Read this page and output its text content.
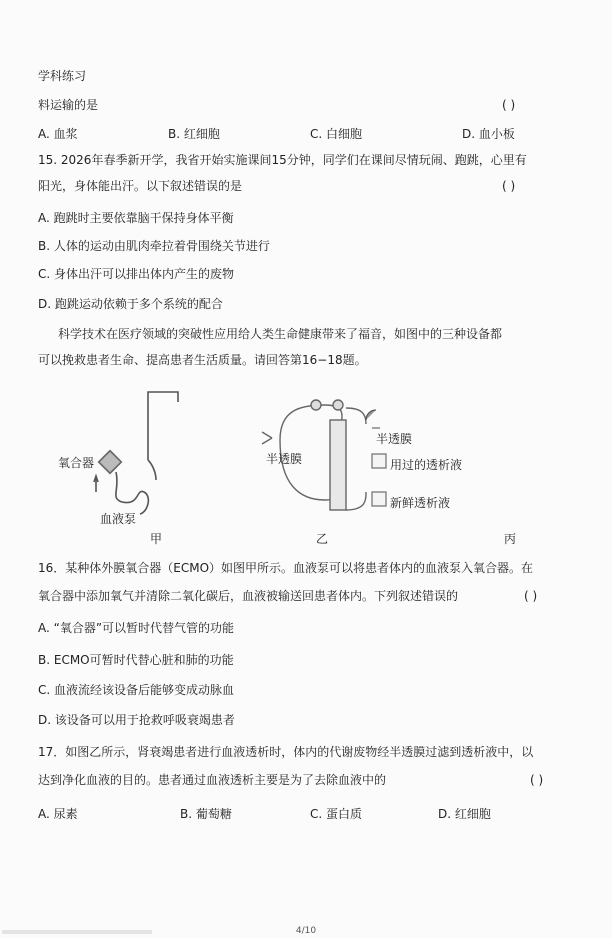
学科练习
料运输的是	( )
A. 血浆	B. 红细胞	C. 白细胞	D. 血小板
15. 2026年春季新开学，我省开始实施课间15分钟，同学们在课间尽情玩闹、跑跳，心里有
阳光，身体能出汗。以下叙述错误的是	( )
A. 跑跳时主要依靠脑干保持身体平衡
B. 人体的运动由肌肉牵拉着骨围绕关节进行
C. 身体出汗可以排出体内产生的废物
D. 跑跳运动依赖于多个系统的配合
科学技术在医疗领域的突破性应用给人类生命健康带来了福音，如图中的三种设备都
可以挽救患者生命、提高患者生活质量。请回答第16−18题。
氧合器
血液泵
甲
半透膜
乙
半透膜
用过的透析液
新鲜透析液
丙
16．某种体外膜氧合器（ECMO）如图甲所示。血液泵可以将患者体内的血液泵入氧合器。在
氧合器中添加氧气并清除二氧化碳后，血液被输送回患者体内。下列叙述错误的	( )
A. “氧合器”可以暂时代替气管的功能
B. ECMO可暂时代替心脏和肺的功能
C. 血液流经该设备后能够变成动脉血
D. 该设备可以用于抢救呼吸衰竭患者
17．如图乙所示，肾衰竭患者进行血液透析时，体内的代谢废物经半透膜过滤到透析液中，以
达到净化血液的目的。患者通过血液透析主要是为了去除血液中的	( )
A. 尿素	B. 葡萄糖	C. 蛋白质	D. 红细胞
4/10
